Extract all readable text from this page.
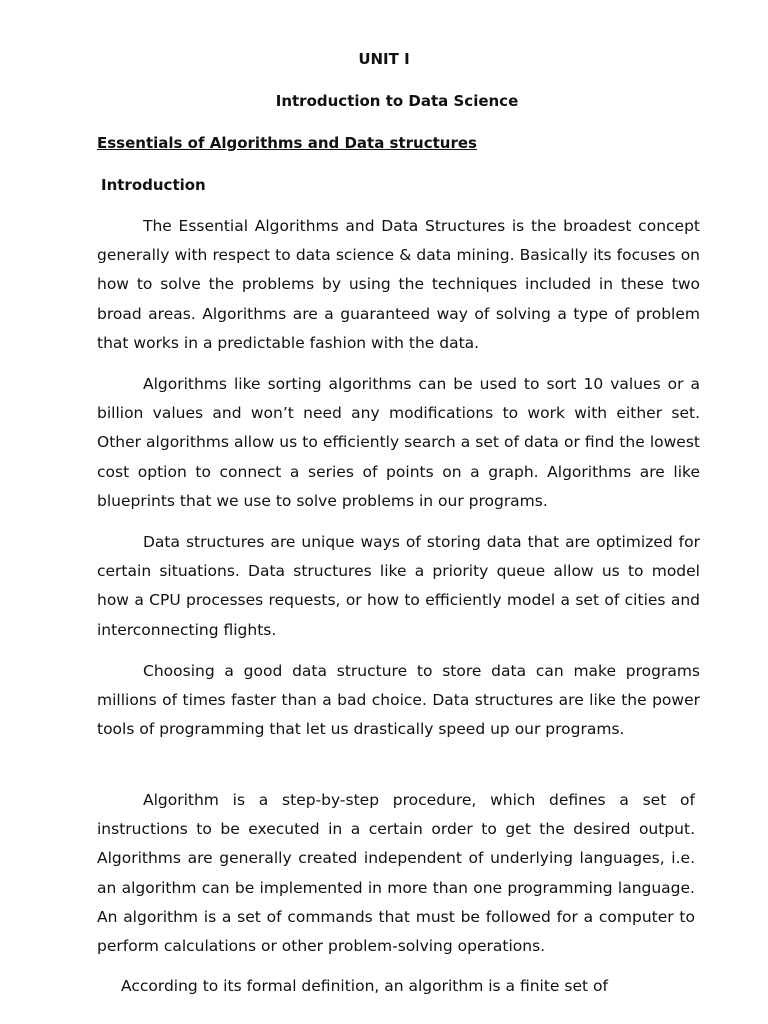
UNIT I

Introduction to Data Science

Essentials of Algorithms and Data structures

Introduction

The Essential Algorithms and Data Structures is the broadest concept generally with respect to data science & data mining. Basically its focuses on how to solve the problems by using the techniques included in these two broad areas. Algorithms are a guaranteed way of solving a type of problem that works in a predictable fashion with the data.

Algorithms like sorting algorithms can be used to sort 10 values or a billion values and won’t need any modifications to work with either set. Other algorithms allow us to efficiently search a set of data or find the lowest cost option to connect a series of points on a graph. Algorithms are like blueprints that we use to solve problems in our programs.

Data structures are unique ways of storing data that are optimized for certain situations. Data structures like a priority queue allow us to model how a CPU processes requests, or how to efficiently model a set of cities and interconnecting flights.

Choosing a good data structure to store data can make programs millions of times faster than a bad choice. Data structures are like the power tools of programming that let us drastically speed up our programs.

Algorithm is a step-by-step procedure, which defines a set of instructions to be executed in a certain order to get the desired output. Algorithms are generally created independent of underlying languages, i.e. an algorithm can be implemented in more than one programming language. An algorithm is a set of commands that must be followed for a computer to perform calculations or other problem-solving operations.

According to its formal definition, an algorithm is a finite set of
